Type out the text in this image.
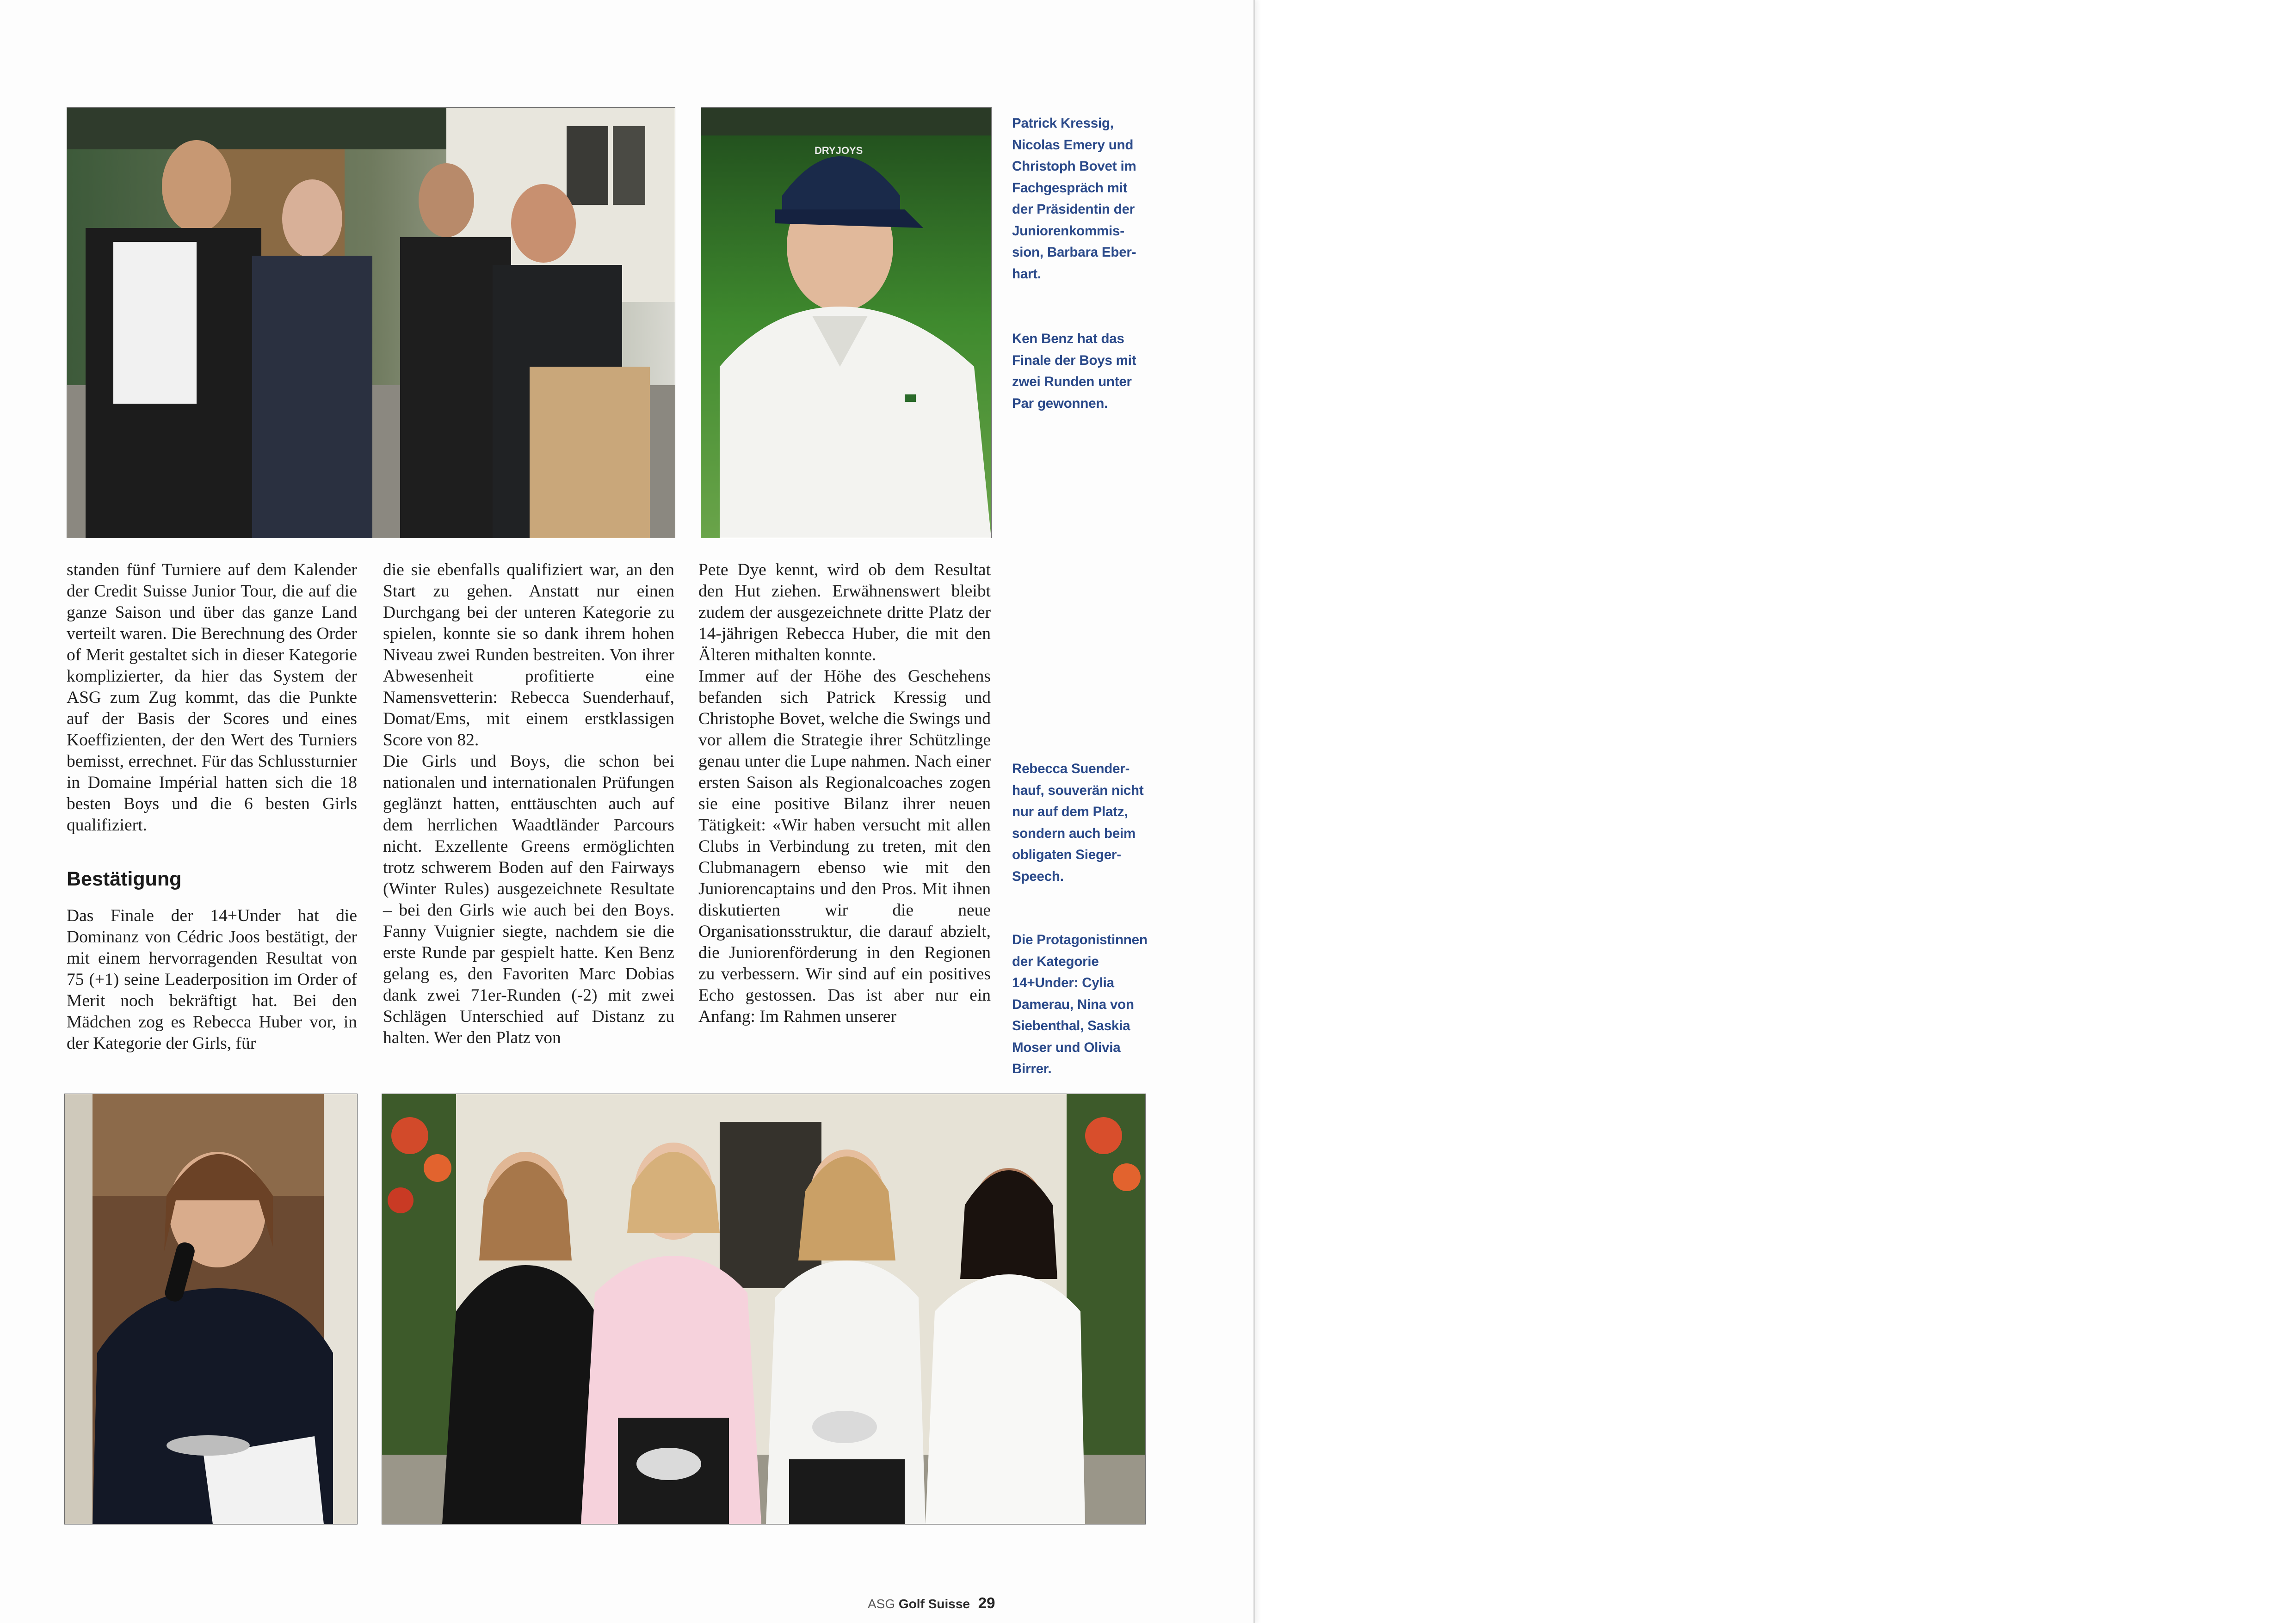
DRYJOYS

standen fünf Turniere auf dem Kalender der Credit Suisse Junior Tour, die auf die ganze Saison und über das ganze Land verteilt waren. Die Berechnung des Order of Merit gestaltet sich in dieser Kategorie komplizierter, da hier das System der ASG zum Zug kommt, das die Punkte auf der Basis der Scores und eines Koeffizienten, der den Wert des Turniers bemisst, errechnet. Für das Schlussturnier in Domaine Impérial hatten sich die 18 besten Boys und die 6 besten Girls qualifiziert.

Bestätigung

Das Finale der 14+Under hat die Dominanz von Cédric Joos bestätigt, der mit einem hervorragenden Resultat von 75 (+1) seine Leaderposition im Order of Merit noch bekräftigt hat. Bei den Mädchen zog es Rebecca Huber vor, in der Kategorie der Girls, für

die sie ebenfalls qualifiziert war, an den Start zu gehen. Anstatt nur einen Durchgang bei der unteren Kategorie zu spielen, konnte sie so dank ihrem hohen Niveau zwei Runden bestreiten. Von ihrer Abwesenheit profitierte eine Namensvetterin: Rebecca Suenderhauf, Domat/Ems, mit einem erstklassigen Score von 82.

Die Girls und Boys, die schon bei nationalen und internationalen Prüfungen geglänzt hatten, enttäuschten auch auf dem herrlichen Waadtländer Parcours nicht. Exzellente Greens ermöglichten trotz schwerem Boden auf den Fairways (Winter Rules) ausgezeichnete Resultate – bei den Girls wie auch bei den Boys. Fanny Vuignier siegte, nachdem sie die erste Runde par gespielt hatte. Ken Benz gelang es, den Favoriten Marc Dobias dank zwei 71er-Runden (-2) mit zwei Schlägen Unterschied auf Distanz zu halten. Wer den Platz von

Pete Dye kennt, wird ob dem Resultat den Hut ziehen. Erwähnenswert bleibt zudem der ausgezeichnete dritte Platz der 14-jährigen Rebecca Huber, die mit den Älteren mithalten konnte.

Immer auf der Höhe des Geschehens befanden sich Patrick Kressig und Christophe Bovet, welche die Swings und vor allem die Strategie ihrer Schützlinge genau unter die Lupe nahmen. Nach einer ersten Saison als Regionalcoaches zogen sie eine positive Bilanz ihrer neuen Tätigkeit: «Wir haben versucht mit allen Clubs in Verbindung zu treten, mit den Clubmanagern ebenso wie mit den Juniorencaptains und den Pros. Mit ihnen diskutierten wir die neue Organisationsstruktur, die darauf abzielt, die Juniorenförderung in den Regionen zu verbessern. Wir sind auf ein positives Echo gestossen. Das ist aber nur ein Anfang: Im Rahmen unserer

Patrick Kressig,
Nicolas Emery und
Christoph Bovet im
Fachgespräch mit
der Präsidentin der
Juniorenkommis-
sion, Barbara Eber-
hart.
Ken Benz hat das
Finale der Boys mit
zwei Runden unter
Par gewonnen.
Rebecca Suender-
hauf, souverän nicht
nur auf dem Platz,
sondern auch beim
obligaten Sieger-
Speech.
Die Protagonistinnen
der Kategorie
14+Under: Cylia
Damerau, Nina von
Siebenthal, Saskia
Moser und Olivia
Birrer.
ASG Golf Suisse 29
